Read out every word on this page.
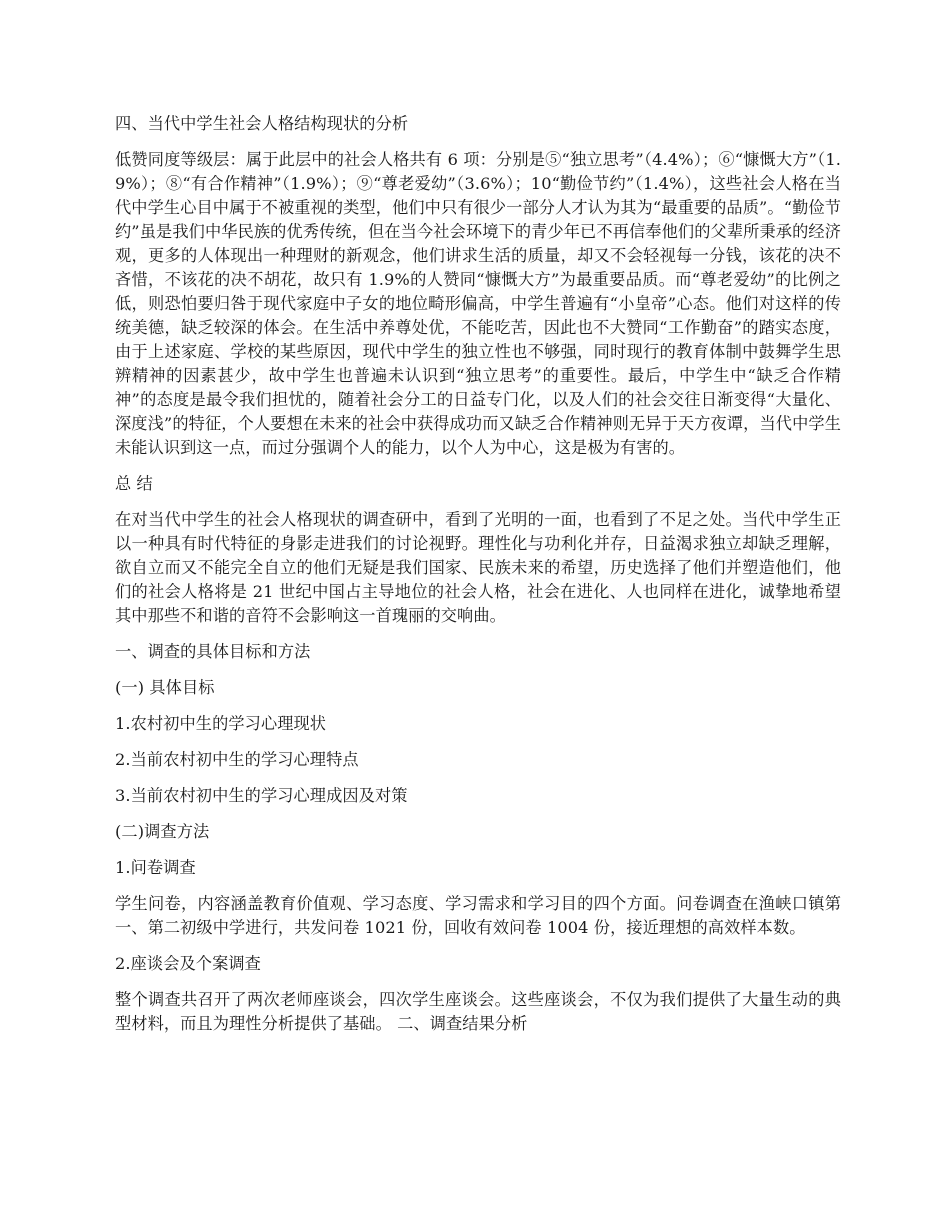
四、当代中学生社会人格结构现状的分析

低赞同度等级层：属于此层中的社会人格共有 6 项：分别是⑤“独立思考”（4.4%）；⑥“慷慨大方”（1.9%）；⑧“有合作精神”（1.9%）；⑨“尊老爱幼”（3.6%）；10“勤俭节约”（1.4%），这些社会人格在当代中学生心目中属于不被重视的类型，他们中只有很少一部分人才认为其为“最重要的品质”。“勤俭节约”虽是我们中华民族的优秀传统，但在当今社会环境下的青少年已不再信奉他们的父辈所秉承的经济观，更多的人体现出一种理财的新观念，他们讲求生活的质量，却又不会轻视每一分钱，该花的决不吝惜，不该花的决不胡花，故只有 1.9%的人赞同“慷慨大方”为最重要品质。而“尊老爱幼”的比例之低，则恐怕要归咎于现代家庭中子女的地位畸形偏高，中学生普遍有“小皇帝”心态。他们对这样的传统美德，缺乏较深的体会。在生活中养尊处优，不能吃苦，因此也不大赞同“工作勤奋”的踏实态度，由于上述家庭、学校的某些原因，现代中学生的独立性也不够强，同时现行的教育体制中鼓舞学生思辨精神的因素甚少，故中学生也普遍未认识到“独立思考”的重要性。最后，中学生中“缺乏合作精神”的态度是最令我们担忧的，随着社会分工的日益专门化，以及人们的社会交往日渐变得“大量化、深度浅”的特征，个人要想在未来的社会中获得成功而又缺乏合作精神则无异于天方夜谭，当代中学生未能认识到这一点，而过分强调个人的能力，以个人为中心，这是极为有害的。

总 结

在对当代中学生的社会人格现状的调查研中，看到了光明的一面，也看到了不足之处。当代中学生正以一种具有时代特征的身影走进我们的讨论视野。理性化与功利化并存，日益渴求独立却缺乏理解，欲自立而又不能完全自立的他们无疑是我们国家、民族未来的希望，历史选择了他们并塑造他们，他们的社会人格将是 21 世纪中国占主导地位的社会人格，社会在进化、人也同样在进化，诚挚地希望其中那些不和谐的音符不会影响这一首瑰丽的交响曲。

一、调查的具体目标和方法

(一) 具体目标

1.农村初中生的学习心理现状

2.当前农村初中生的学习心理特点

3.当前农村初中生的学习心理成因及对策

(二)调查方法

1.问卷调查

学生问卷，内容涵盖教育价值观、学习态度、学习需求和学习目的四个方面。问卷调查在渔峡口镇第一、第二初级中学进行，共发问卷 1021 份，回收有效问卷 1004 份，接近理想的高效样本数。

2.座谈会及个案调查

整个调查共召开了两次老师座谈会，四次学生座谈会。这些座谈会，不仅为我们提供了大量生动的典型材料，而且为理性分析提供了基础。 二、调查结果分析
